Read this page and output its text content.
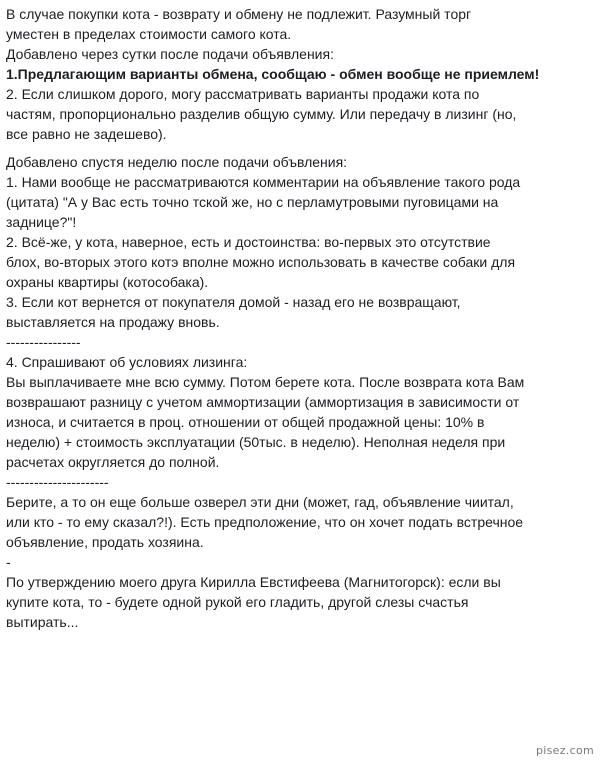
В случае покупки кота - возврату и обмену не подлежит. Разумный торг
уместен в пределах стоимости самого кота.
Добавлено через сутки после подачи объявления:
1.Предлагающим варианты обмена, сообщаю - обмен вообще не приемлем!
2. Если слишком дорого, могу рассматривать варианты продажи кота по
частям, пропорционально разделив общую сумму. Или передачу в лизинг (но,
все равно не задешево).
Добавлено спустя неделю после подачи объвления:
1. Нами вообще не рассматриваются комментарии на объявление такого рода
(цитата) "А у Вас есть точно тской же, но с перламутровыми пуговицами на
заднице?"!
2. Всё-же, у кота, наверное, есть и достоинства: во-первых это отсутствие
блох, во-вторых этого котэ вполне можно использовать в качестве собаки для
охраны квартиры (котособака).
3. Если кот вернется от покупателя домой - назад его не возвращают,
выставляется на продажу вновь.
----------------
4. Спрашивают об условиях лизинга:
Вы выплачиваете мне всю сумму. Потом берете кота. После возврата кота Вам
возврашают разницу с учетом аммортизации (аммортизация в зависимости от
износа, и считается в проц. отношении от общей продажной цены: 10% в
неделю) + стоимость эксплуатации (50тыс. в неделю). Неполная неделя при
расчетах округляется до полной.
----------------------
Берите, а то он еще больше озверел эти дни (может, гад, объявление чиитал,
или кто - то ему сказал?!). Есть предположение, что он хочет подать встречное
объявление, продать хозяина.
-
По утверждению моего друга Кирилла Евстифеева (Магнитогорск): если вы
купите кота, то - будете одной рукой его гладить, другой слезы счастья
вытирать...
pisez.com
